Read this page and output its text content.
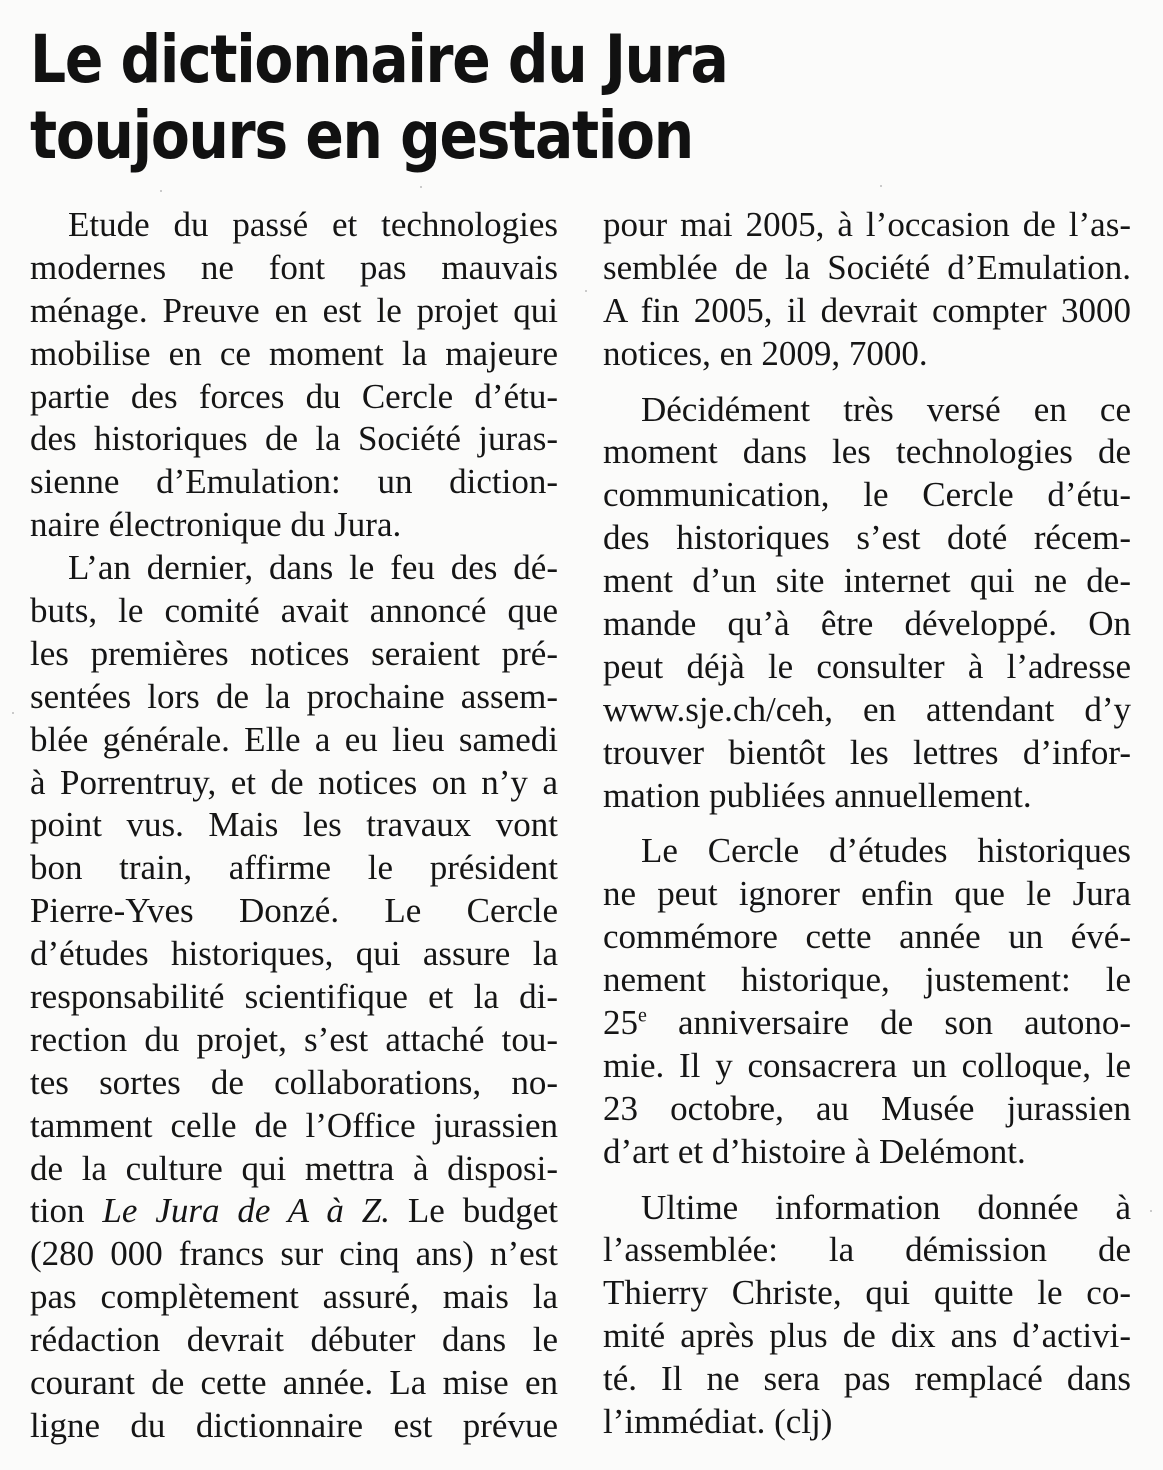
Le dictionnaire du Jura
toujours en gestation
Etude du passé et technologies
modernes ne font pas mauvais
ménage. Preuve en est le projet qui
mobilise en ce moment la majeure
partie des forces du Cercle d’étu-
des historiques de la Société juras-
sienne d’Emulation: un diction-
naire électronique du Jura.
L’an dernier, dans le feu des dé-
buts, le comité avait annoncé que
les premières notices seraient pré-
sentées lors de la prochaine assem-
blée générale. Elle a eu lieu samedi
à Porrentruy, et de notices on n’y a
point vus. Mais les travaux vont
bon train, affirme le président
Pierre-Yves Donzé. Le Cercle
d’études historiques, qui assure la
responsabilité scientifique et la di-
rection du projet, s’est attaché tou-
tes sortes de collaborations, no-
tamment celle de l’Office jurassien
de la culture qui mettra à disposi-
tion Le Jura de A à Z. Le budget
(280 000 francs sur cinq ans) n’est
pas complètement assuré, mais la
rédaction devrait débuter dans le
courant de cette année. La mise en
ligne du dictionnaire est prévue
pour mai 2005, à l’occasion de l’as-
semblée de la Société d’Emulation.
A fin 2005, il devrait compter 3000
notices, en 2009, 7000.
Décidément très versé en ce
moment dans les technologies de
communication, le Cercle d’étu-
des historiques s’est doté récem-
ment d’un site internet qui ne de-
mande qu’à être développé. On
peut déjà le consulter à l’adresse
www.sje.ch/ceh, en attendant d’y
trouver bientôt les lettres d’infor-
mation publiées annuellement.
Le Cercle d’études historiques
ne peut ignorer enfin que le Jura
commémore cette année un évé-
nement historique, justement: le
25e anniversaire de son autono-
mie. Il y consacrera un colloque, le
23 octobre, au Musée jurassien
d’art et d’histoire à Delémont.
Ultime information donnée à
l’assemblée: la démission de
Thierry Christe, qui quitte le co-
mité après plus de dix ans d’activi-
té. Il ne sera pas remplacé dans
l’immédiat. (clj)
